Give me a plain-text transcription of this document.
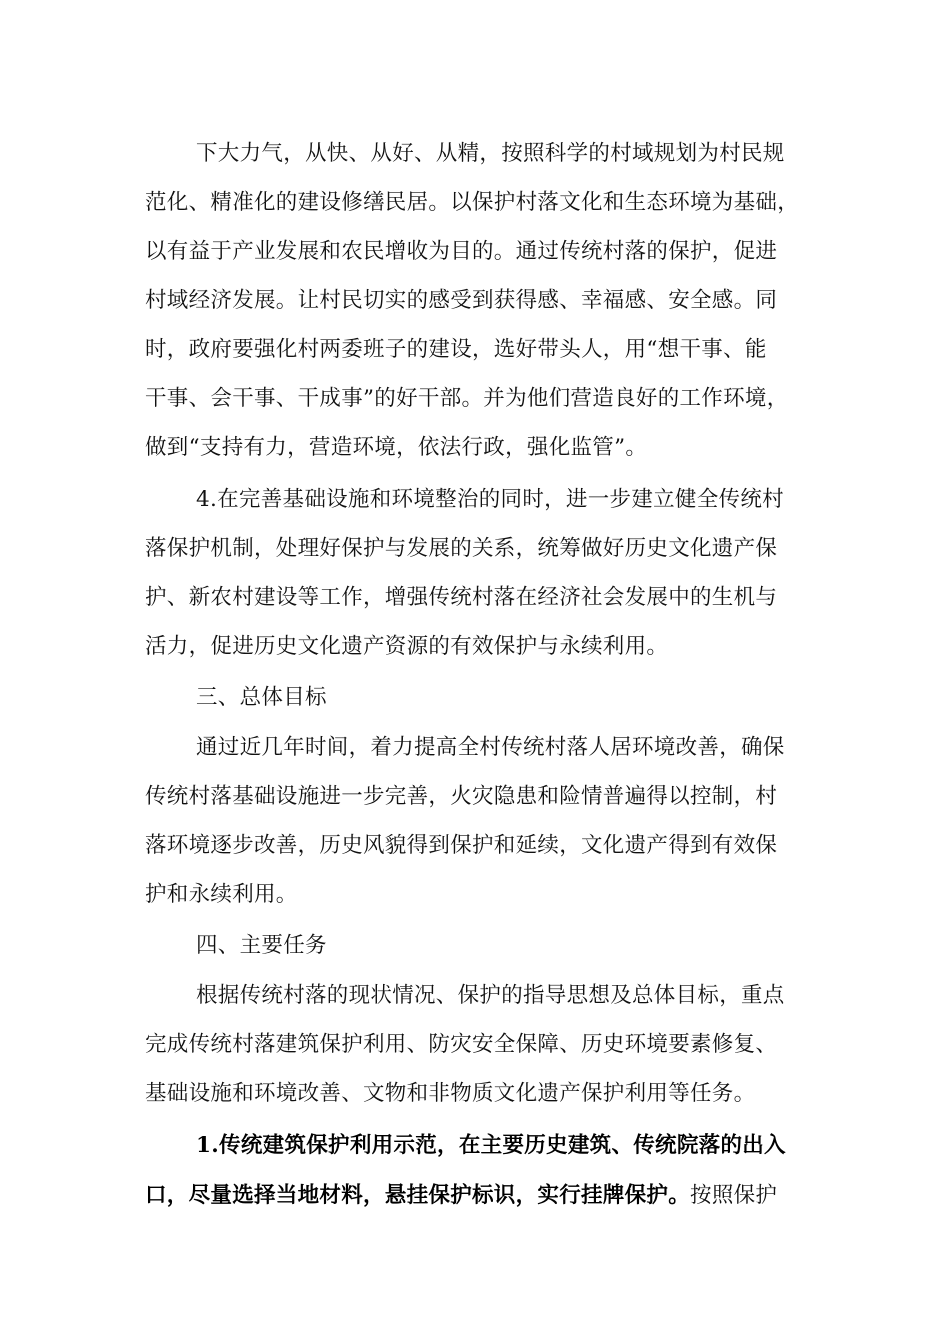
下大力气，从快、从好、从精，按照科学的村域规划为村民规
范化、精准化的建设修缮民居。以保护村落文化和生态环境为基础，
以有益于产业发展和农民增收为目的。通过传统村落的保护，促进
村域经济发展。让村民切实的感受到获得感、幸福感、安全感。同
时，政府要强化村两委班子的建设，选好带头人，用“想干事、能
干事、会干事、干成事”的好干部。并为他们营造良好的工作环境，
做到“支持有力，营造环境，依法行政，强化监管”。
4.在完善基础设施和环境整治的同时，进一步建立健全传统村
落保护机制，处理好保护与发展的关系，统筹做好历史文化遗产保
护、新农村建设等工作，增强传统村落在经济社会发展中的生机与
活力，促进历史文化遗产资源的有效保护与永续利用。
三、总体目标
通过近几年时间，着力提高全村传统村落人居环境改善，确保
传统村落基础设施进一步完善，火灾隐患和险情普遍得以控制，村
落环境逐步改善，历史风貌得到保护和延续，文化遗产得到有效保
护和永续利用。
四、主要任务
根据传统村落的现状情况、保护的指导思想及总体目标，重点
完成传统村落建筑保护利用、防灾安全保障、历史环境要素修复、
基础设施和环境改善、文物和非物质文化遗产保护利用等任务。
1.传统建筑保护利用示范，在主要历史建筑、传统院落的出入
口，尽量选择当地材料，悬挂保护标识，实行挂牌保护。按照保护
